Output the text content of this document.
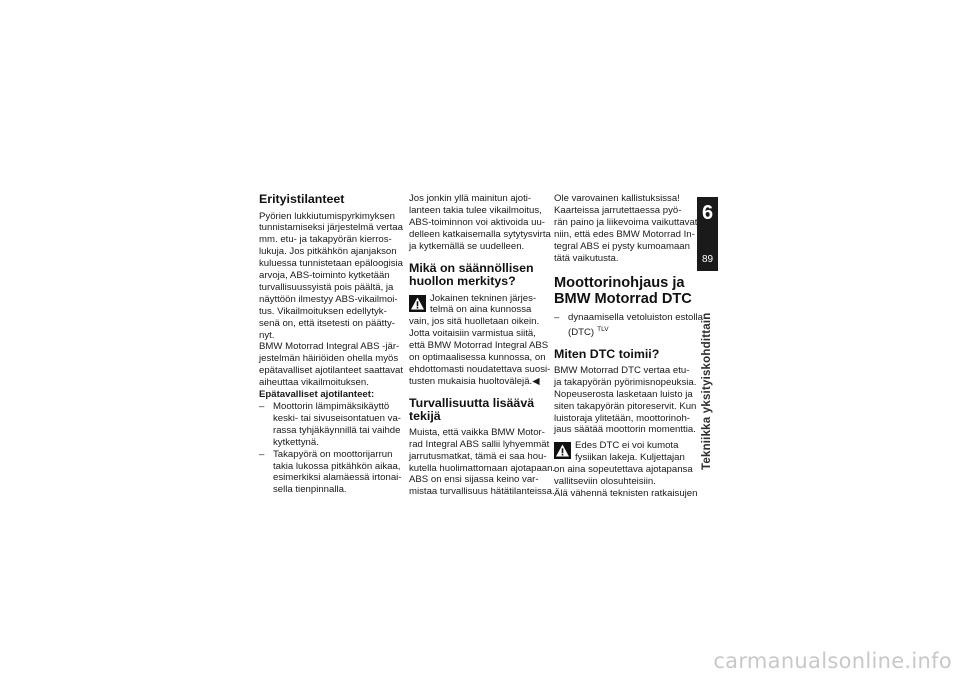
Erityistilanteet
Pyörien lukkiutumispyrkimyksen
tunnistamiseksi järjestelmä vertaa
mm. etu- ja takapyörän kierros-
lukuja. Jos pitkähkön ajanjakson
kuluessa tunnistetaan epäloogisia
arvoja, ABS-toiminto kytketään
turvallisuussyistä pois päältä, ja
näyttöön ilmestyy ABS-vikailmoi-
tus. Vikailmoituksen edellytyk-
senä on, että itsetesti on päätty-
nyt.
BMW Motorrad Integral ABS -jär-
jestelmän häiriöiden ohella myös
epätavalliset ajotilanteet saattavat
aiheuttaa vikailmoituksen.
Epätavalliset ajotilanteet:
– Moottorin lämpimäksikäyttö
keski- tai sivuseisontatuen va-
rassa tyhjäkäynnillä tai vaihde
kytkettynä.
– Takapyörä on moottorijarrun
takia lukossa pitkähkön aikaa,
esimerkiksi alamäessä irtonai-
sella tienpinnalla.
Jos jonkin yllä mainitun ajoti-
lanteen takia tulee vikailmoitus,
ABS-toiminnon voi aktivoida uu-
delleen katkaisemalla sytytysvirta
ja kytkemällä se uudelleen.
Mikä on säännöllisen
huollon merkitys?
Jokainen tekninen järjes-
telmä on aina kunnossa
vain, jos sitä huolletaan oikein.
Jotta voitaisiin varmistua siitä,
että BMW Motorrad Integral ABS
on optimaalisessa kunnossa, on
ehdottomasti noudatettava suosi-
tusten mukaisia huoltovälejä.◀
Turvallisuutta lisäävä
tekijä
Muista, että vaikka BMW Motor-
rad Integral ABS sallii lyhyemmät
jarrutusmatkat, tämä ei saa hou-
kutella huolimattomaan ajotapaan.
ABS on ensi sijassa keino var-
mistaa turvallisuus hätätilanteissa.
Ole varovainen kallistuksissa!
Kaarteissa jarrutettaessa pyö-
rän paino ja liikevoima vaikuttavat
niin, että edes BMW Motorrad In-
tegral ABS ei pysty kumoamaan
tätä vaikutusta.
Moottorinohjaus ja
BMW Motorrad DTC
– dynaamisella vetoluiston estolla
(DTC) $^{TLV}$
Miten DTC toimii?
BMW Motorrad DTC vertaa etu-
ja takapyörän pyörimisnopeuksia.
Nopeuserosta lasketaan luisto ja
siten takapyörän pitoreservit. Kun
luistoraja ylitetään, moottorinoh-
jaus säätää moottorin momenttia.
Edes DTC ei voi kumota
fysiikan lakeja. Kuljettajan
on aina sopeutettava ajotapansa
vallitseviin olosuhteisiin.
Älä vähennä teknisten ratkaisujen
6
89
Tekniikka yksityiskohdittain
carmanualsonline.info
